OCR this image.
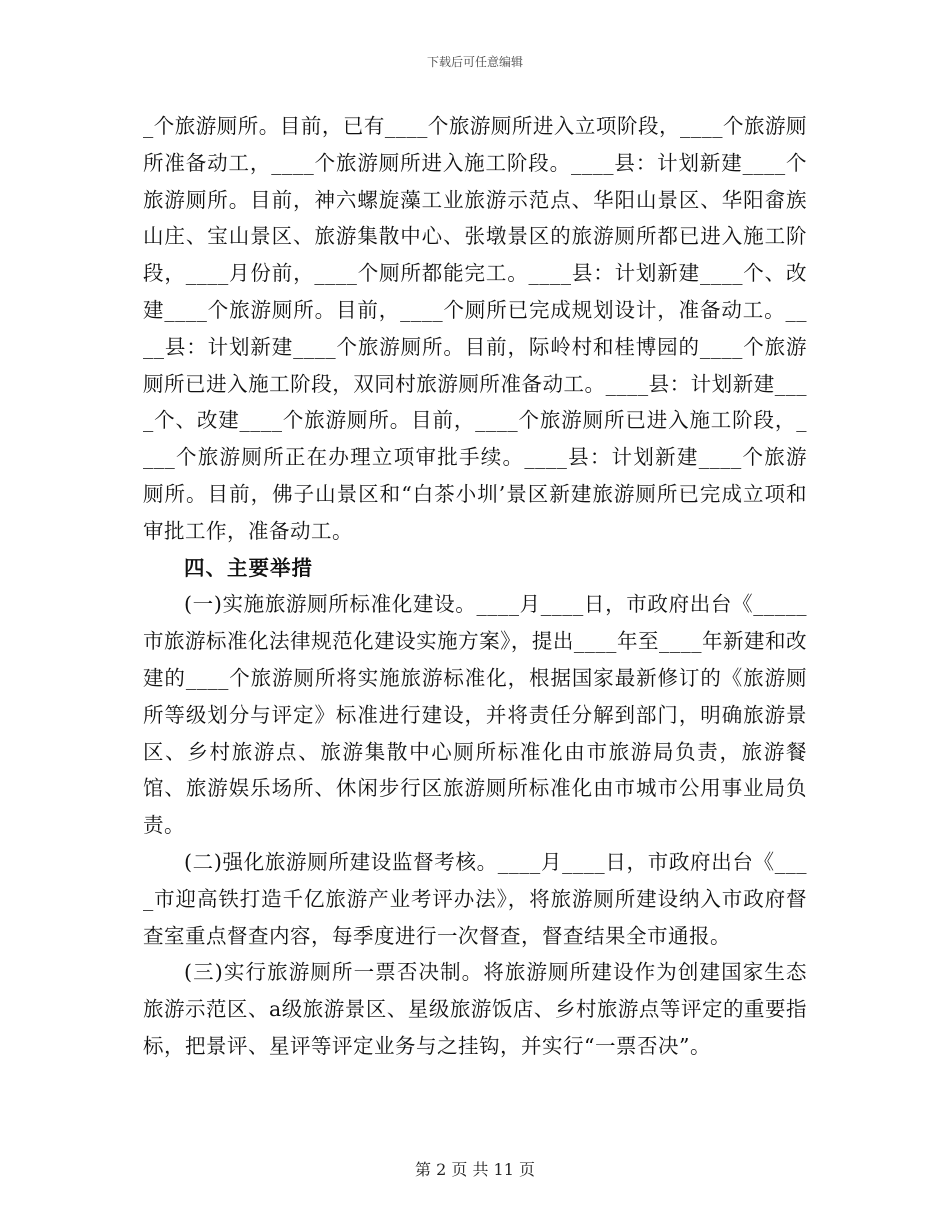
下载后可任意编辑

_个旅游厕所。目前，已有____个旅游厕所进入立项阶段，____个旅游厕所准备动工，____个旅游厕所进入施工阶段。____县：计划新建____个旅游厕所。目前，神六螺旋藻工业旅游示范点、华阳山景区、华阳畲族山庄、宝山景区、旅游集散中心、张墩景区的旅游厕所都已进入施工阶段，____月份前，____个厕所都能完工。____县：计划新建____个、改建____个旅游厕所。目前，____个厕所已完成规划设计，准备动工。____县：计划新建____个旅游厕所。目前，际岭村和桂博园的____个旅游厕所已进入施工阶段，双同村旅游厕所准备动工。____县：计划新建____个、改建____个旅游厕所。目前，____个旅游厕所已进入施工阶段，____个旅游厕所正在办理立项审批手续。____县：计划新建____个旅游厕所。目前，佛子山景区和“白茶小圳’景区新建旅游厕所已完成立项和审批工作，准备动工。

四、主要举措

(一)实施旅游厕所标准化建设。____月____日，市政府出台《_____市旅游标准化法律规范化建设实施方案》，提出____年至____年新建和改建的____个旅游厕所将实施旅游标准化，根据国家最新修订的《旅游厕所等级划分与评定》标准进行建设，并将责任分解到部门，明确旅游景区、乡村旅游点、旅游集散中心厕所标准化由市旅游局负责，旅游餐馆、旅游娱乐场所、休闲步行区旅游厕所标准化由市城市公用事业局负责。

(二)强化旅游厕所建设监督考核。____月____日，市政府出台《____市迎高铁打造千亿旅游产业考评办法》，将旅游厕所建设纳入市政府督查室重点督查内容，每季度进行一次督查，督查结果全市通报。

(三)实行旅游厕所一票否决制。将旅游厕所建设作为创建国家生态旅游示范区、a级旅游景区、星级旅游饭店、乡村旅游点等评定的重要指标，把景评、星评等评定业务与之挂钩，并实行“一票否决”。

第 2 页 共 11 页
